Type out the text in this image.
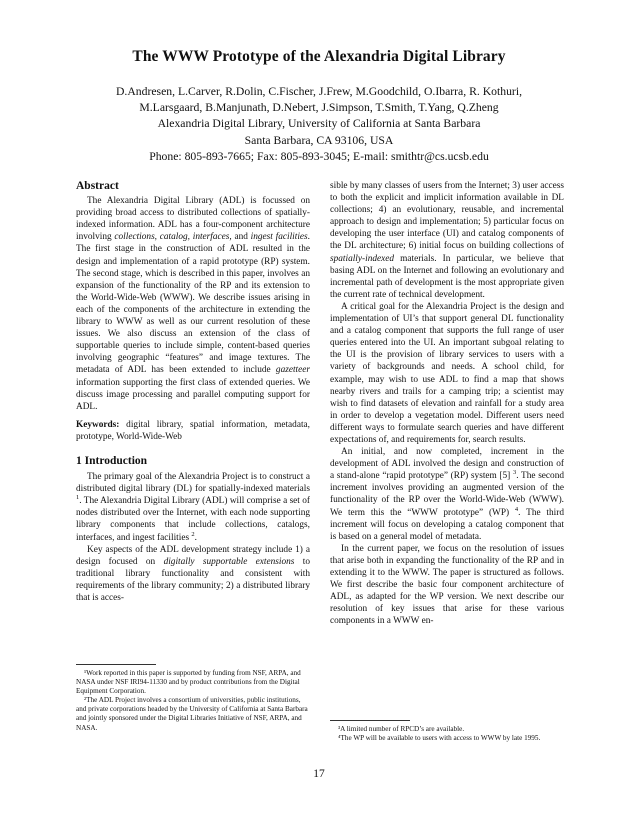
The WWW Prototype of the Alexandria Digital Library
D.Andresen, L.Carver, R.Dolin, C.Fischer, J.Frew, M.Goodchild, O.Ibarra, R. Kothuri,
M.Larsgaard, B.Manjunath, D.Nebert, J.Simpson, T.Smith, T.Yang, Q.Zheng
Alexandria Digital Library, University of California at Santa Barbara
Santa Barbara, CA 93106, USA
Phone: 805-893-7665; Fax: 805-893-3045; E-mail: smithtr@cs.ucsb.edu
Abstract

The Alexandria Digital Library (ADL) is focussed on providing broad access to distributed collections of spatially-indexed information. ADL has a four-component architecture involving collections, catalog, interfaces, and ingest facilities. The first stage in the construction of ADL resulted in the design and implementation of a rapid prototype (RP) system. The second stage, which is described in this paper, involves an expansion of the functionality of the RP and its extension to the World-Wide-Web (WWW). We describe issues arising in each of the components of the architecture in extending the library to WWW as well as our current resolution of these issues. We also discuss an extension of the class of supportable queries to include simple, content-based queries involving geographic “features” and image textures. The metadata of ADL has been extended to include gazetteer information supporting the first class of extended queries. We discuss image processing and parallel computing support for ADL.

Keywords: digital library, spatial information, metadata, prototype, World-Wide-Web

1 Introduction

The primary goal of the Alexandria Project is to construct a distributed digital library (DL) for spatially-indexed materials $^1$. The Alexandria Digital Library (ADL) will comprise a set of nodes distributed over the Internet, with each node supporting library components that include collections, catalogs, interfaces, and ingest facilities $^2$.

Key aspects of the ADL development strategy include 1) a design focused on digitally supportable extensions to traditional library functionality and consistent with requirements of the library community; 2) a distributed library that is acces-

¹Work reported in this paper is supported by funding from NSF, ARPA, and NASA under NSF IRI94-11330 and by product contributions from the Digital Equipment Corporation.

²The ADL Project involves a consortium of universities, public institutions, and private corporations headed by the University of California at Santa Barbara and jointly sponsored under the Digital Libraries Initiative of NSF, ARPA, and NASA.

sible by many classes of users from the Internet; 3) user access to both the explicit and implicit information available in DL collections; 4) an evolutionary, reusable, and incremental approach to design and implementation; 5) particular focus on developing the user interface (UI) and catalog components of the DL architecture; 6) initial focus on building collections of spatially-indexed materials. In particular, we believe that basing ADL on the Internet and following an evolutionary and incremental path of development is the most appropriate given the current rate of technical development.

A critical goal for the Alexandria Project is the design and implementation of UI’s that support general DL functionality and a catalog component that supports the full range of user queries entered into the UI. An important subgoal relating to the UI is the provision of library services to users with a variety of backgrounds and needs. A school child, for example, may wish to use ADL to find a map that shows nearby rivers and trails for a camping trip; a scientist may wish to find datasets of elevation and rainfall for a study area in order to develop a vegetation model. Different users need different ways to formulate search queries and have different expectations of, and requirements for, search results.

An initial, and now completed, increment in the development of ADL involved the design and construction of a stand-alone “rapid prototype” (RP) system [5] $^3$. The second increment involves providing an augmented version of the functionality of the RP over the World-Wide-Web (WWW). We term this the “WWW prototype” (WP) $^4$. The third increment will focus on developing a catalog component that is based on a general model of metadata.

In the current paper, we focus on the resolution of issues that arise both in expanding the functionality of the RP and in extending it to the WWW. The paper is structured as follows. We first describe the basic four component architecture of ADL, as adapted for the WP version. We next describe our resolution of key issues that arise for these various components in a WWW en-

³A limited number of RPCD’s are available.

⁴The WP will be available to users with access to WWW by late 1995.

17
